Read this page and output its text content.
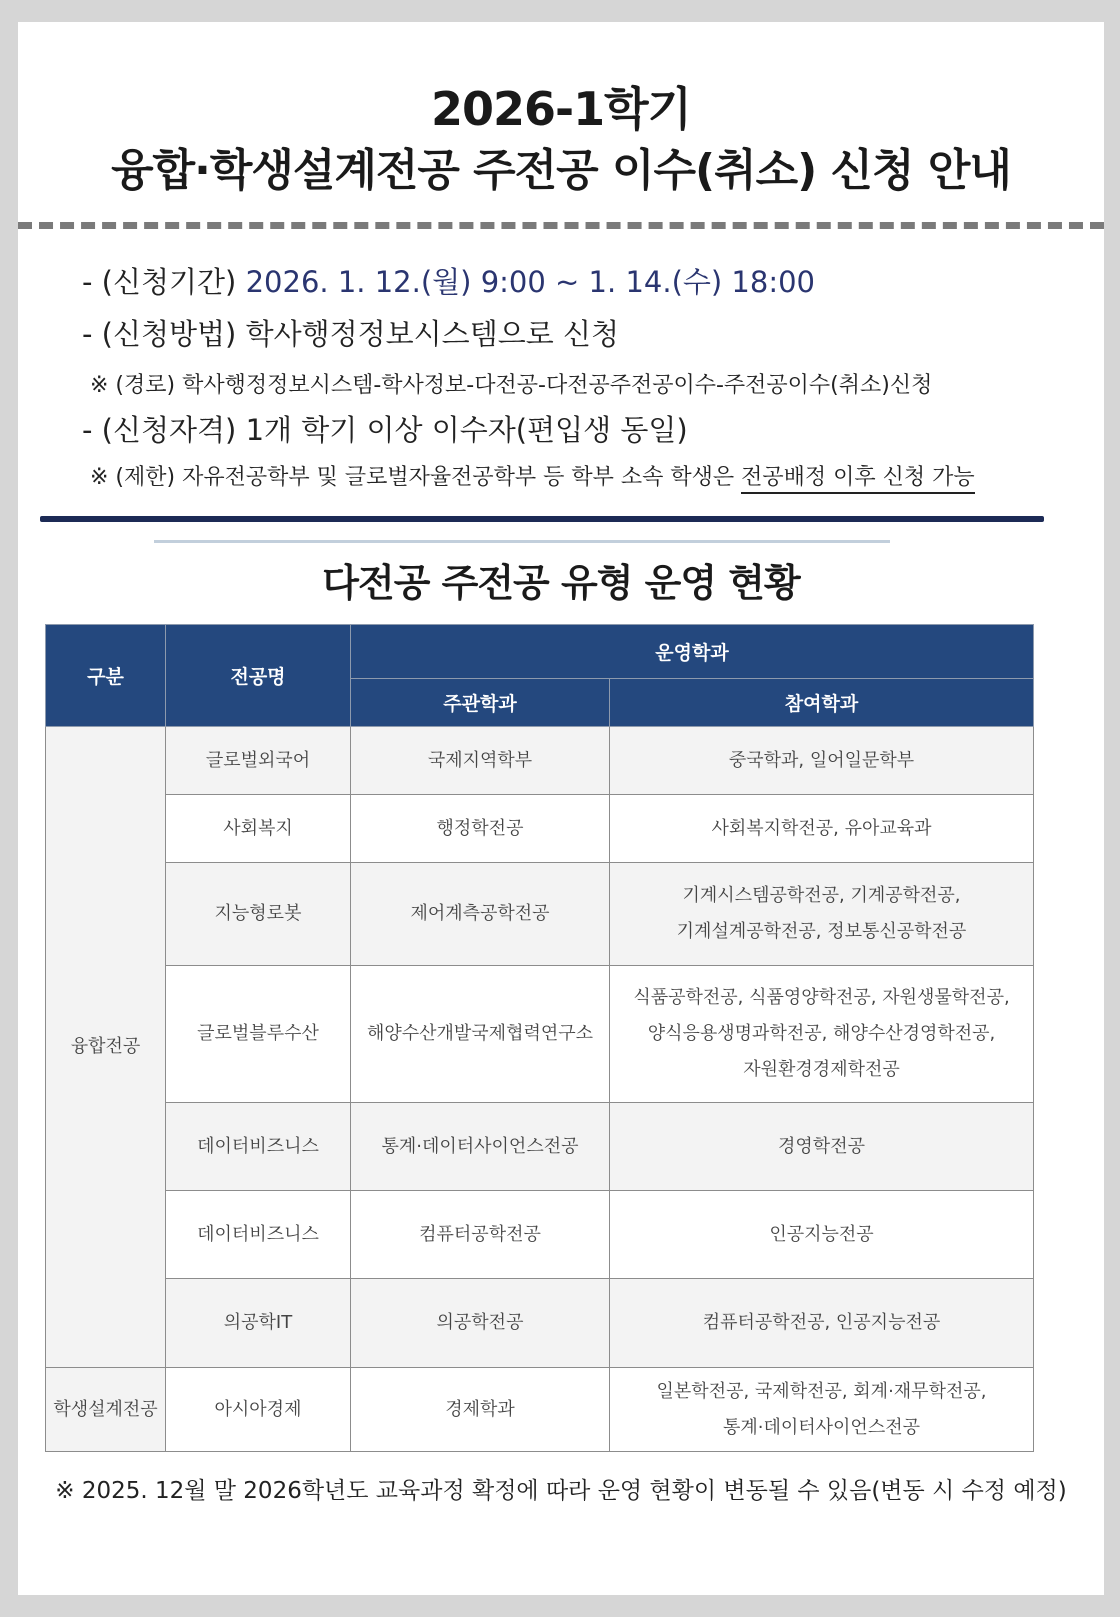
2026-1학기
융합·학생설계전공 주전공 이수(취소) 신청 안내
- (신청기간) 2026. 1. 12.(월) 9:00 ~ 1. 14.(수) 18:00
- (신청방법) 학사행정정보시스템으로 신청
※ (경로) 학사행정정보시스템-학사정보-다전공-다전공주전공이수-주전공이수(취소)신청
- (신청자격) 1개 학기 이상 이수자(편입생 동일)
※ (제한) 자유전공학부 및 글로벌자율전공학부 등 학부 소속 학생은 전공배정 이후 신청 가능
다전공 주전공 유형 운영 현황
구분	전공명	운영학과	
		주관학과	참여학과
융합전공	글로벌외국어	국제지역학부	중국학과, 일어일문학부

	사회복지	행정학전공	사회복지학전공, 유아교육과

	지능형로봇	제어계측공학전공	기계시스템공학전공, 기계공학전공,
기계설계공학전공, 정보통신공학전공

	글로벌블루수산	해양수산개발국제협력연구소	식품공학전공, 식품영양학전공, 자원생물학전공,
양식응용생명과학전공, 해양수산경영학전공,
자원환경경제학전공

	데이터비즈니스	통계·데이터사이언스전공	경영학전공

	데이터비즈니스	컴퓨터공학전공	인공지능전공

	의공학IT	의공학전공	컴퓨터공학전공, 인공지능전공

학생설계전공	아시아경제	경제학과	일본학전공, 국제학전공, 회계·재무학전공,
통계·데이터사이언스전공
※ 2025. 12월 말 2026학년도 교육과정 확정에 따라 운영 현황이 변동될 수 있음(변동 시 수정 예정)
